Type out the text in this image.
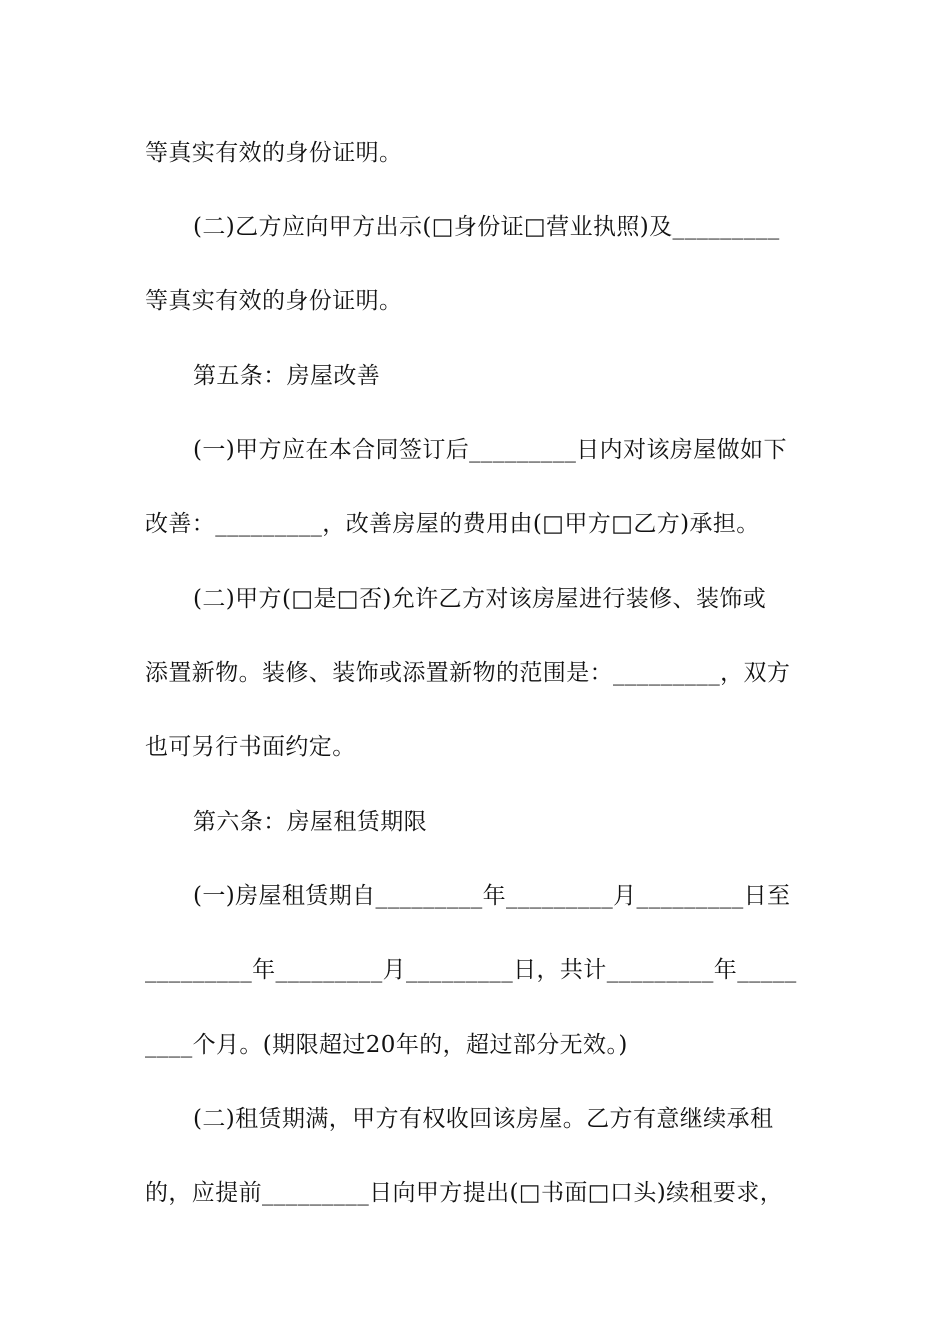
等真实有效的身份证明。
(二)乙方应向甲方出示(□身份证□营业执照)及_________
等真实有效的身份证明。
第五条：房屋改善
(一)甲方应在本合同签订后_________日内对该房屋做如下
改善：_________，改善房屋的费用由(□甲方□乙方)承担。
(二)甲方(□是□否)允许乙方对该房屋进行装修、装饰或
添置新物。装修、装饰或添置新物的范围是：_________，双方
也可另行书面约定。
第六条：房屋租赁期限
(一)房屋租赁期自_________年_________月_________日至
_________年_________月_________日，共计_________年_____
____个月。(期限超过20年的，超过部分无效。)
(二)租赁期满，甲方有权收回该房屋。乙方有意继续承租
的，应提前_________日向甲方提出(□书面□口头)续租要求，
